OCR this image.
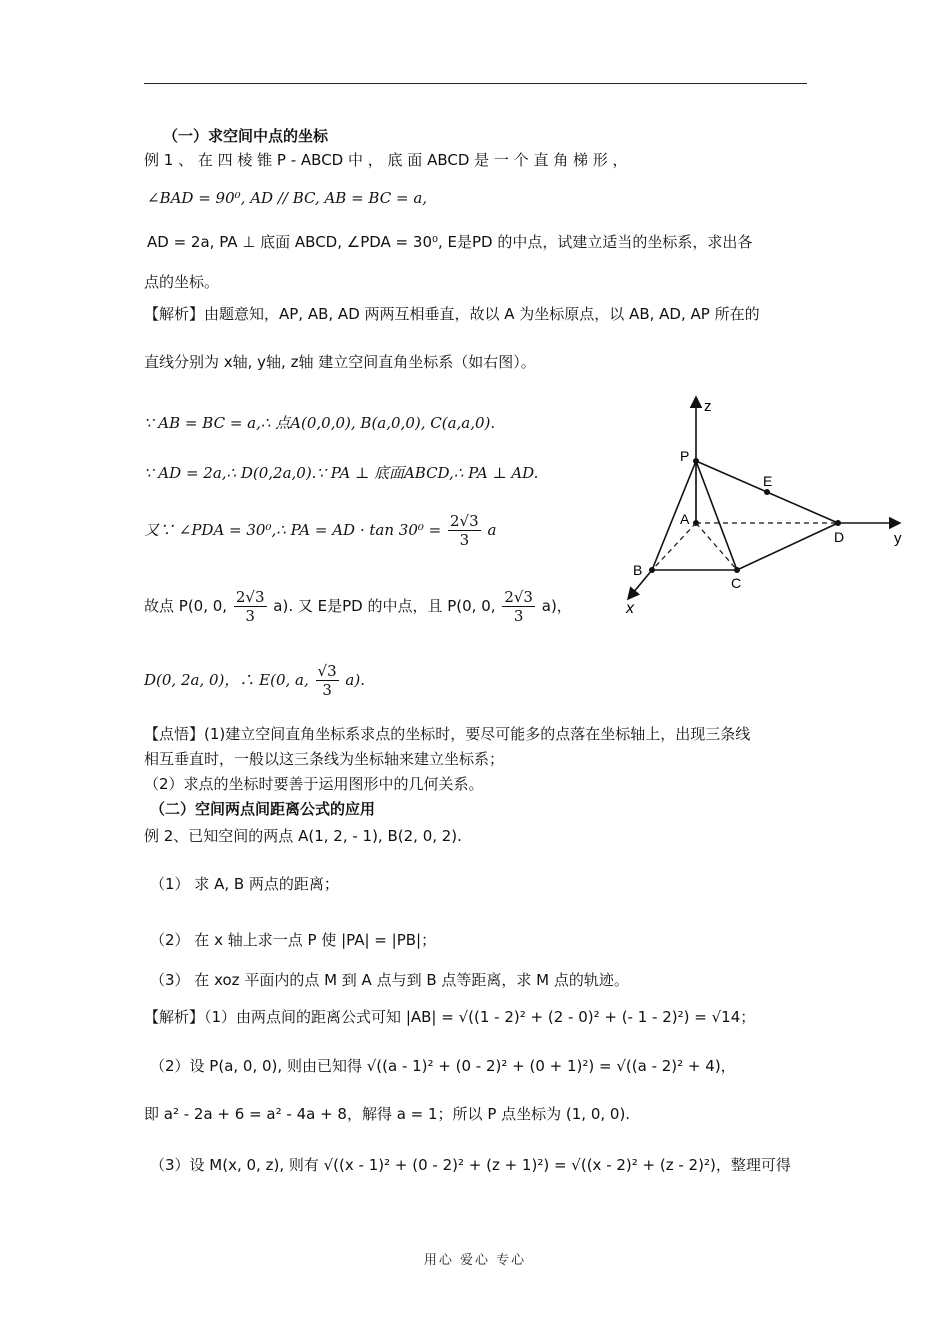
（一）求空间中点的坐标
例 1 、 在 四 棱 锥 P - ABCD 中 ， 底 面 ABCD 是 一 个 直 角 梯 形 ，
∠BAD = 90⁰, AD // BC, AB = BC = a,
AD = 2a, PA ⊥ 底面 ABCD, ∠PDA = 30⁰, E是PD 的中点，试建立适当的坐标系，求出各
点的坐标。
【解析】由题意知，AP, AB, AD 两两互相垂直，故以 A 为坐标原点，以 AB, AD, AP 所在的
直线分别为 x轴, y轴, z轴 建立空间直角坐标系（如右图）。
∵ AB = BC = a,∴ 点A(0,0,0), B(a,0,0), C(a,a,0).
∵ AD = 2a,∴ D(0,2a,0).∵ PA ⊥ 底面ABCD,∴ PA ⊥ AD.
又∵ ∠PDA = 30⁰,∴ PA = AD · $\tan 30^0 = \frac{2√3}{3}$ a
故点 P(0, 0, $\frac{2√3}{3} a$). 又 E是PD 的中点，且 P(0, 0, $\frac{2√3}{3} a$)，
D(0, 2a, 0)，∴ E(0, a, $\frac{√3}{3} a$).
【点悟】(1)建立空间直角坐标系求点的坐标时，要尽可能多的点落在坐标轴上，出现三条线
相互垂直时，一般以这三条线为坐标轴来建立坐标系；
（2）求点的坐标时要善于运用图形中的几何关系。
（二）空间两点间距离公式的应用
例 2、已知空间的两点 A(1, 2, - 1), B(2, 0, 2).
（1） 求 A, B 两点的距离；
（2） 在 x 轴上求一点 P 使 |PA| = |PB|；
（3） 在 xoz 平面内的点 M 到 A 点与到 B 点等距离，求 M 点的轨迹。
【解析】（1）由两点间的距离公式可知 |AB| = √((1 - 2)² + (2 - 0)² + (- 1 - 2)²) = √14；
（2）设 P(a, 0, 0), 则由已知得 √((a - 1)² + (0 - 2)² + (0 + 1)²) = √((a - 2)² + 4)，
即 a² - 2a + 6 = a² - 4a + 8，解得 a = 1；所以 P 点坐标为 (1, 0, 0).
（3）设 M(x, 0, z), 则有 √((x - 1)² + (0 - 2)² + (z + 1)²) = √((x - 2)² + (z - 2)²)，整理可得
z
y
x
P
E
A
D
B
C
用心 爱心 专心
